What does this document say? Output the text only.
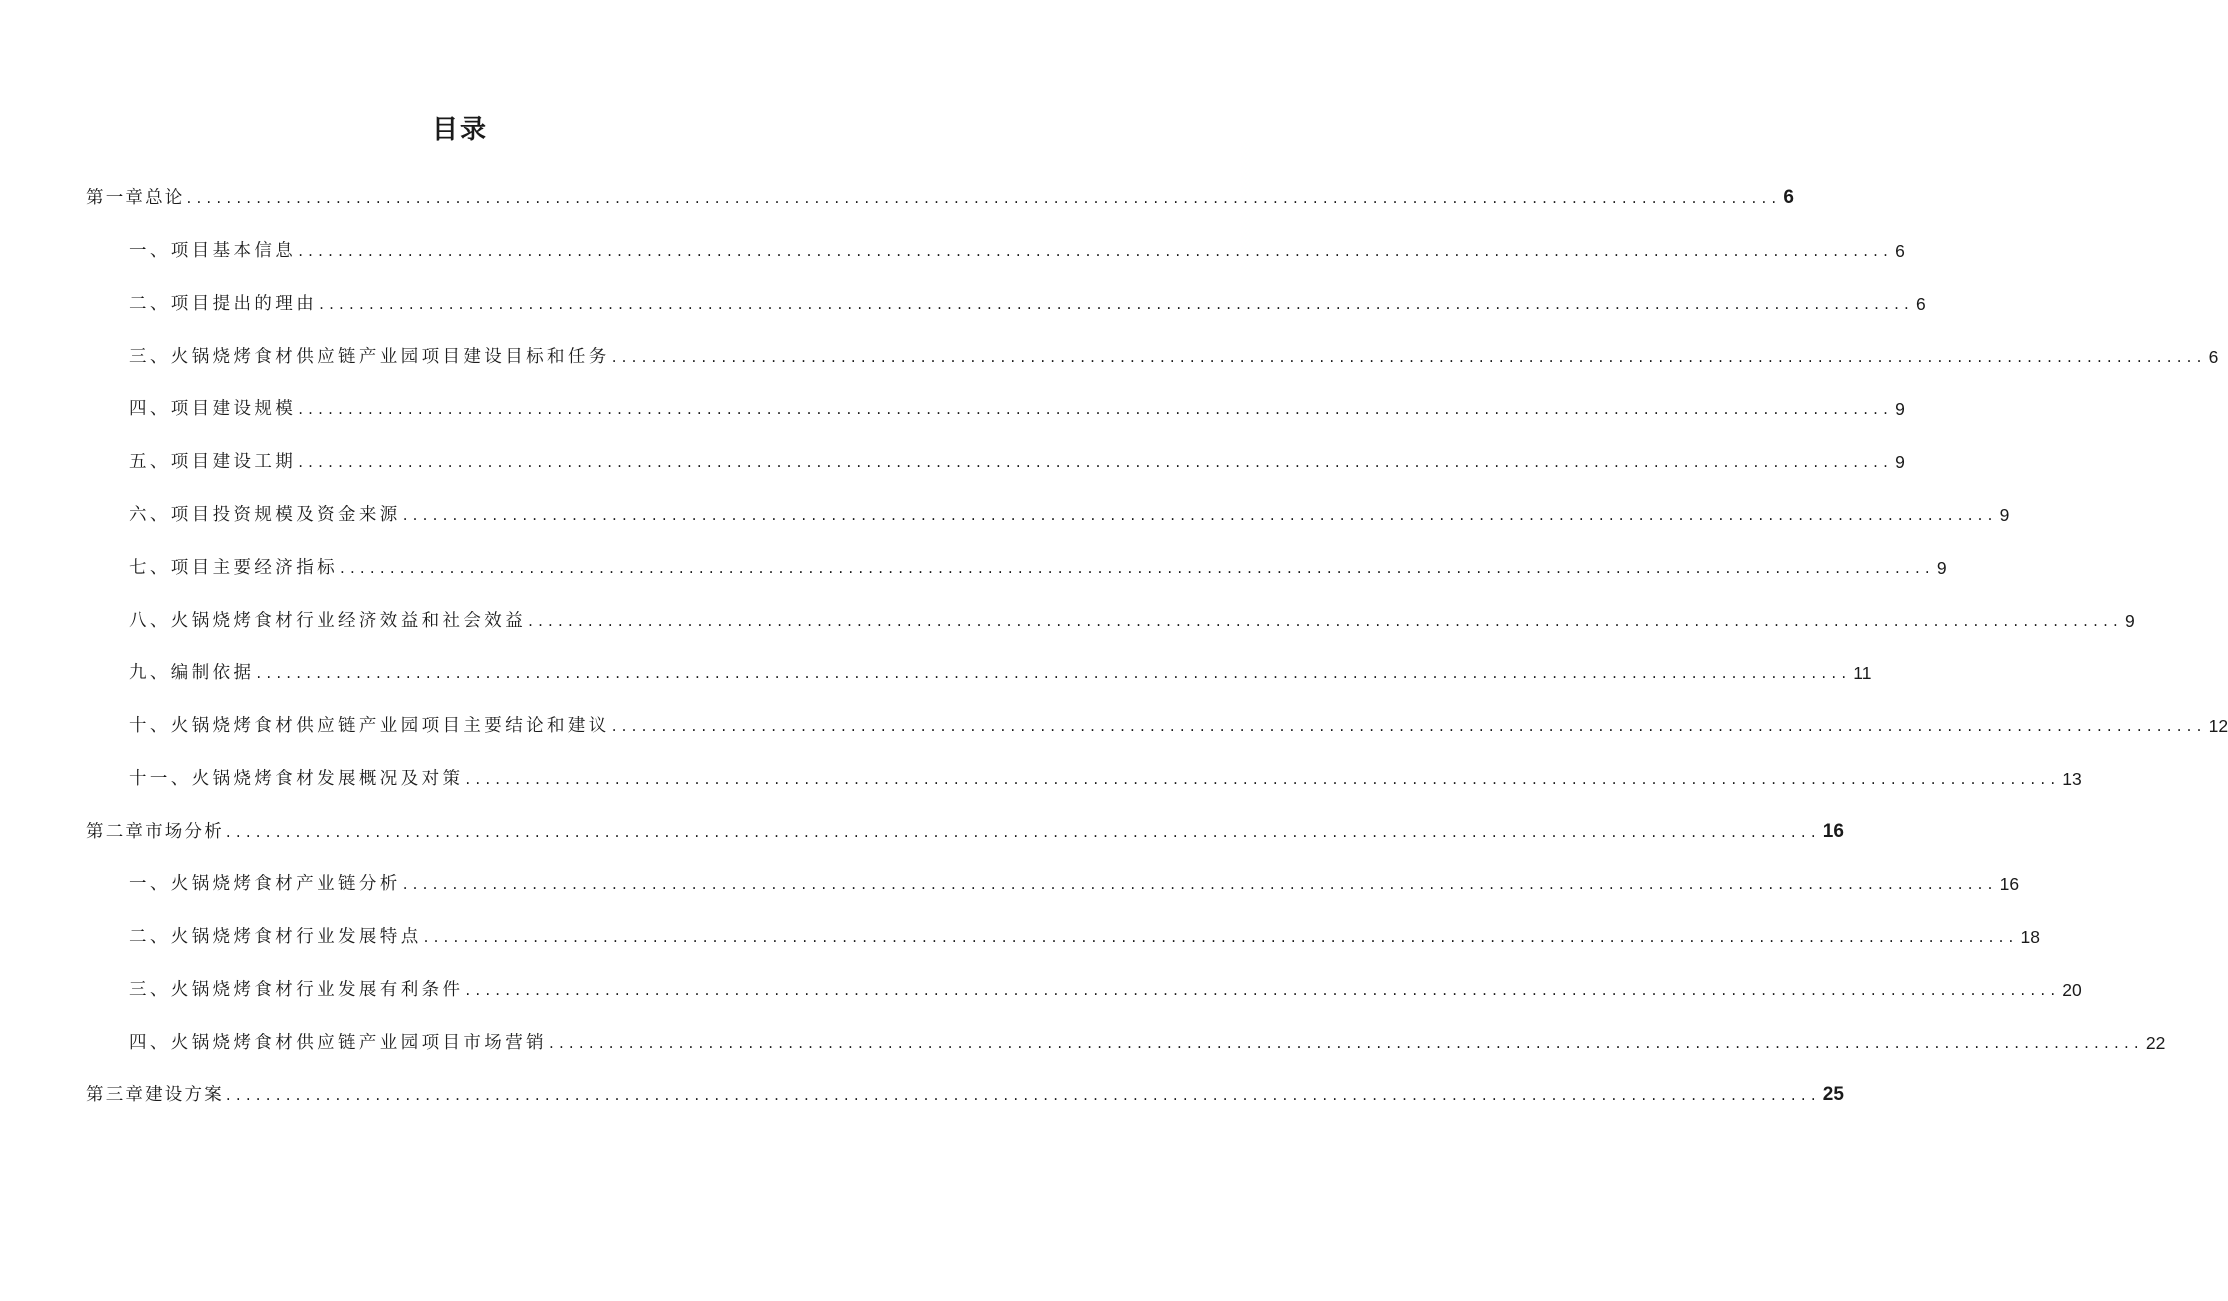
目录
第一章总论 ................................................................................................................................................................ 6
一、项目基本信息 ................................................................................................................................................................ 6
二、项目提出的理由 ................................................................................................................................................................ 6
三、火锅烧烤食材供应链产业园项目建设目标和任务 ................................................................................................................................................................ 6
四、项目建设规模 ................................................................................................................................................................ 9
五、项目建设工期 ................................................................................................................................................................ 9
六、项目投资规模及资金来源 ................................................................................................................................................................ 9
七、项目主要经济指标 ................................................................................................................................................................ 9
八、火锅烧烤食材行业经济效益和社会效益 ................................................................................................................................................................ 9
九、编制依据 ................................................................................................................................................................ 11
十、火锅烧烤食材供应链产业园项目主要结论和建议 ................................................................................................................................................................ 12
十一、火锅烧烤食材发展概况及对策 ................................................................................................................................................................ 13
第二章市场分析 ................................................................................................................................................................ 16
一、火锅烧烤食材产业链分析 ................................................................................................................................................................ 16
二、火锅烧烤食材行业发展特点 ................................................................................................................................................................ 18
三、火锅烧烤食材行业发展有利条件 ................................................................................................................................................................ 20
四、火锅烧烤食材供应链产业园项目市场营销 ................................................................................................................................................................ 22
第三章建设方案 ................................................................................................................................................................ 25
